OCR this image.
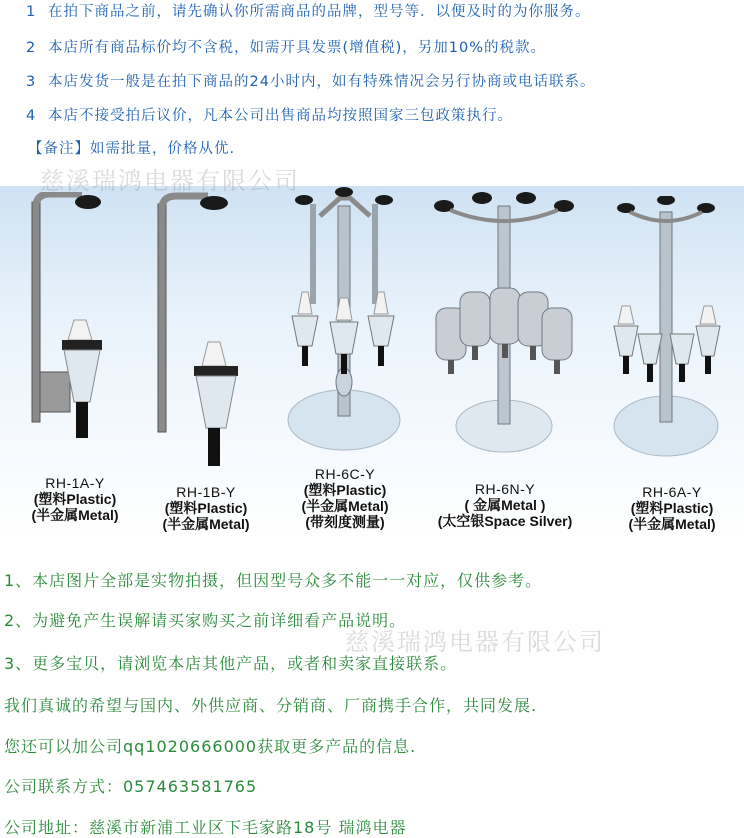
1 在拍下商品之前，请先确认你所需商品的品牌，型号等．以便及时的为你服务。
2 本店所有商品标价均不含税，如需开具发票(增值税)，另加10%的税款。
3 本店发货一般是在拍下商品的24小时内，如有特殊情况会另行协商或电话联系。
4 本店不接受拍后议价，凡本公司出售商品均按照国家三包政策执行。
【备注】如需批量，价格从优.
慈溪瑞鸿电器有限公司
RH-1A-Y
(塑料Plastic)
(半金属Metal)
RH-1B-Y
(塑料Plastic)
(半金属Metal)
RH-6C-Y
(塑料Plastic)
(半金属Metal)
(带刻度测量)
RH-6N-Y
( 金属Metal )
(太空银Space Silver)
RH-6A-Y
(塑料Plastic)
(半金属Metal)
1、本店图片全部是实物拍摄，但因型号众多不能一一对应，仅供参考。
2、为避免产生误解请买家购买之前详细看产品说明。
慈溪瑞鸿电器有限公司
3、更多宝贝，请浏览本店其他产品，或者和卖家直接联系。
我们真诚的希望与国内、外供应商、分销商、厂商携手合作，共同发展.
您还可以加公司qq1020666000获取更多产品的信息.
公司联系方式：057463581765
公司地址：慈溪市新浦工业区下毛家路18号 瑞鸿电器
